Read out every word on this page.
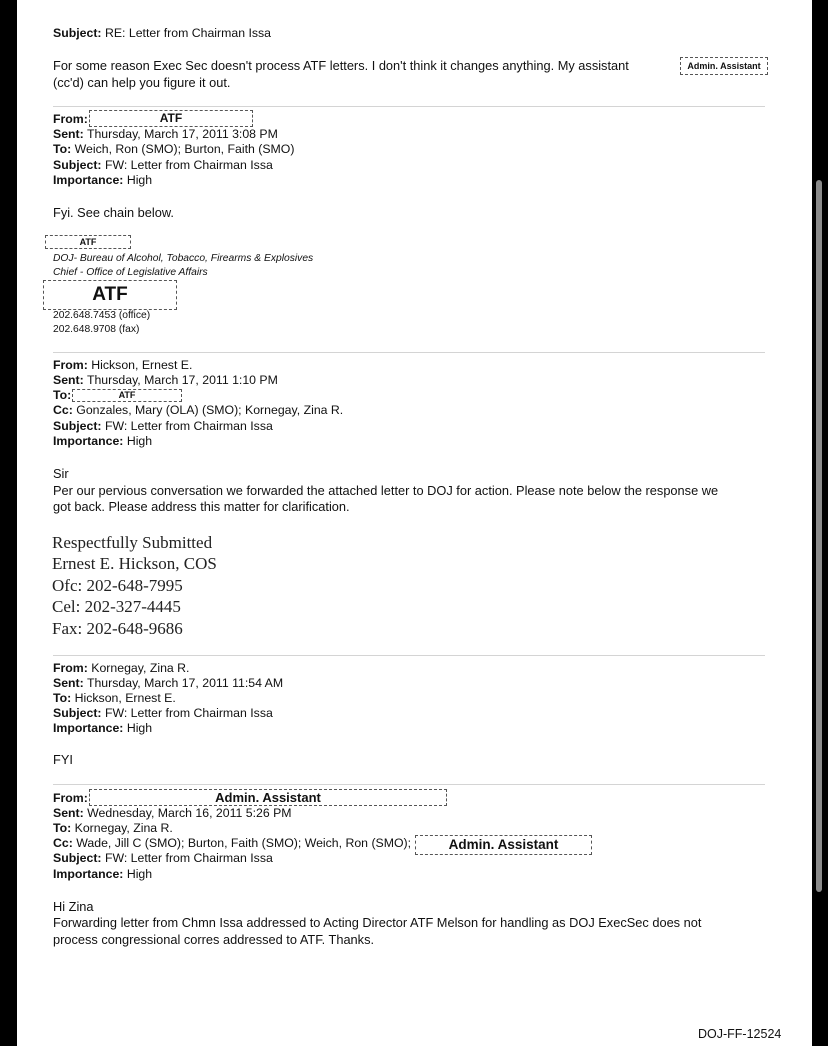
Subject: RE: Letter from Chairman Issa
For some reason Exec Sec doesn't process ATF letters. I don't think it changes anything. My assistant	Admin. Assistant
(cc'd) can help you figure it out.
From:	ATF
Sent: Thursday, March 17, 2011 3:08 PM
To: Weich, Ron (SMO); Burton, Faith (SMO)
Subject: FW: Letter from Chairman Issa
Importance: High
Fyi. See chain below.
ATF
DOJ- Bureau of Alcohol, Tobacco, Firearms & Explosives
Chief - Office of Legislative Affairs
ATF
202.648.7453 (office)
202.648.9708 (fax)
From: Hickson, Ernest E.
Sent: Thursday, March 17, 2011 1:10 PM
To:	ATF
Cc: Gonzales, Mary (OLA) (SMO); Kornegay, Zina R.
Subject: FW: Letter from Chairman Issa
Importance: High
Sir
Per our pervious conversation we forwarded the attached letter to DOJ for action. Please note below the response we
got back. Please address this matter for clarification.
Respectfully Submitted
Ernest E. Hickson, COS
Ofc: 202-648-7995
Cel: 202-327-4445
Fax: 202-648-9686
From: Kornegay, Zina R.
Sent: Thursday, March 17, 2011 11:54 AM
To: Hickson, Ernest E.
Subject: FW: Letter from Chairman Issa
Importance: High
FYI
From:	Admin. Assistant
Sent: Wednesday, March 16, 2011 5:26 PM
To: Kornegay, Zina R.
Cc: Wade, Jill C (SMO); Burton, Faith (SMO); Weich, Ron (SMO);	Admin. Assistant
Subject: FW: Letter from Chairman Issa
Importance: High
Hi Zina
Forwarding letter from Chmn Issa addressed to Acting Director ATF Melson for handling as DOJ ExecSec does not
process congressional corres addressed to ATF. Thanks.
DOJ-FF-12524
